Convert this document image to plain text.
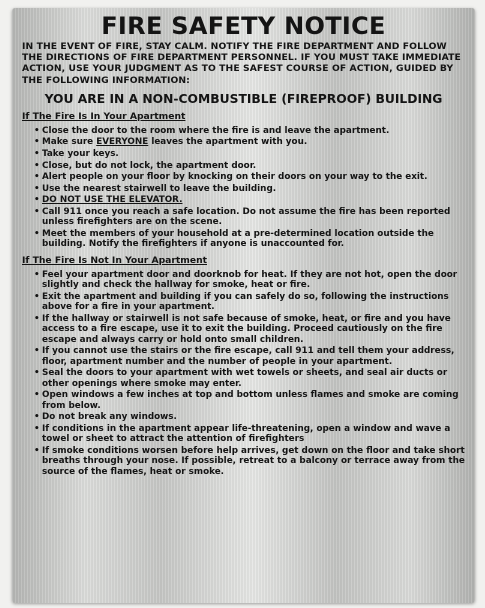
FIRE SAFETY NOTICE

IN THE EVENT OF FIRE, STAY CALM. NOTIFY THE FIRE DEPARTMENT AND FOLLOW THE DIRECTIONS OF FIRE DEPARTMENT PERSONNEL. IF YOU MUST TAKE IMMEDIATE ACTION, USE YOUR JUDGMENT AS TO THE SAFEST COURSE OF ACTION, GUIDED BY THE FOLLOWING INFORMATION:

YOU ARE IN A NON-COMBUSTIBLE (FIREPROOF) BUILDING
If The Fire Is In Your Apartment
• Close the door to the room where the fire is and leave the apartment.
• Make sure EVERYONE leaves the apartment with you.
• Take your keys.
• Close, but do not lock, the apartment door.
• Alert people on your floor by knocking on their doors on your way to the exit.
• Use the nearest stairwell to leave the building.
• DO NOT USE THE ELEVATOR.
• Call 911 once you reach a safe location. Do not assume the fire has been reported unless firefighters are on the scene.
• Meet the members of your household at a pre-determined location outside the building. Notify the firefighters if anyone is unaccounted for.
If The Fire Is Not In Your Apartment
• Feel your apartment door and doorknob for heat. If they are not hot, open the door slightly and check the hallway for smoke, heat or fire.
• Exit the apartment and building if you can safely do so, following the instructions above for a fire in your apartment.
• If the hallway or stairwell is not safe because of smoke, heat, or fire and you have access to a fire escape, use it to exit the building. Proceed cautiously on the fire escape and always carry or hold onto small children.
• If you cannot use the stairs or the fire escape, call 911 and tell them your address, floor, apartment number and the number of people in your apartment.
• Seal the doors to your apartment with wet towels or sheets, and seal air ducts or other openings where smoke may enter.
• Open windows a few inches at top and bottom unless flames and smoke are coming from below.
• Do not break any windows.
• If conditions in the apartment appear life-threatening, open a window and wave a towel or sheet to attract the attention of firefighters
• If smoke conditions worsen before help arrives, get down on the floor and take short breaths through your nose. If possible, retreat to a balcony or terrace away from the source of the flames, heat or smoke.
